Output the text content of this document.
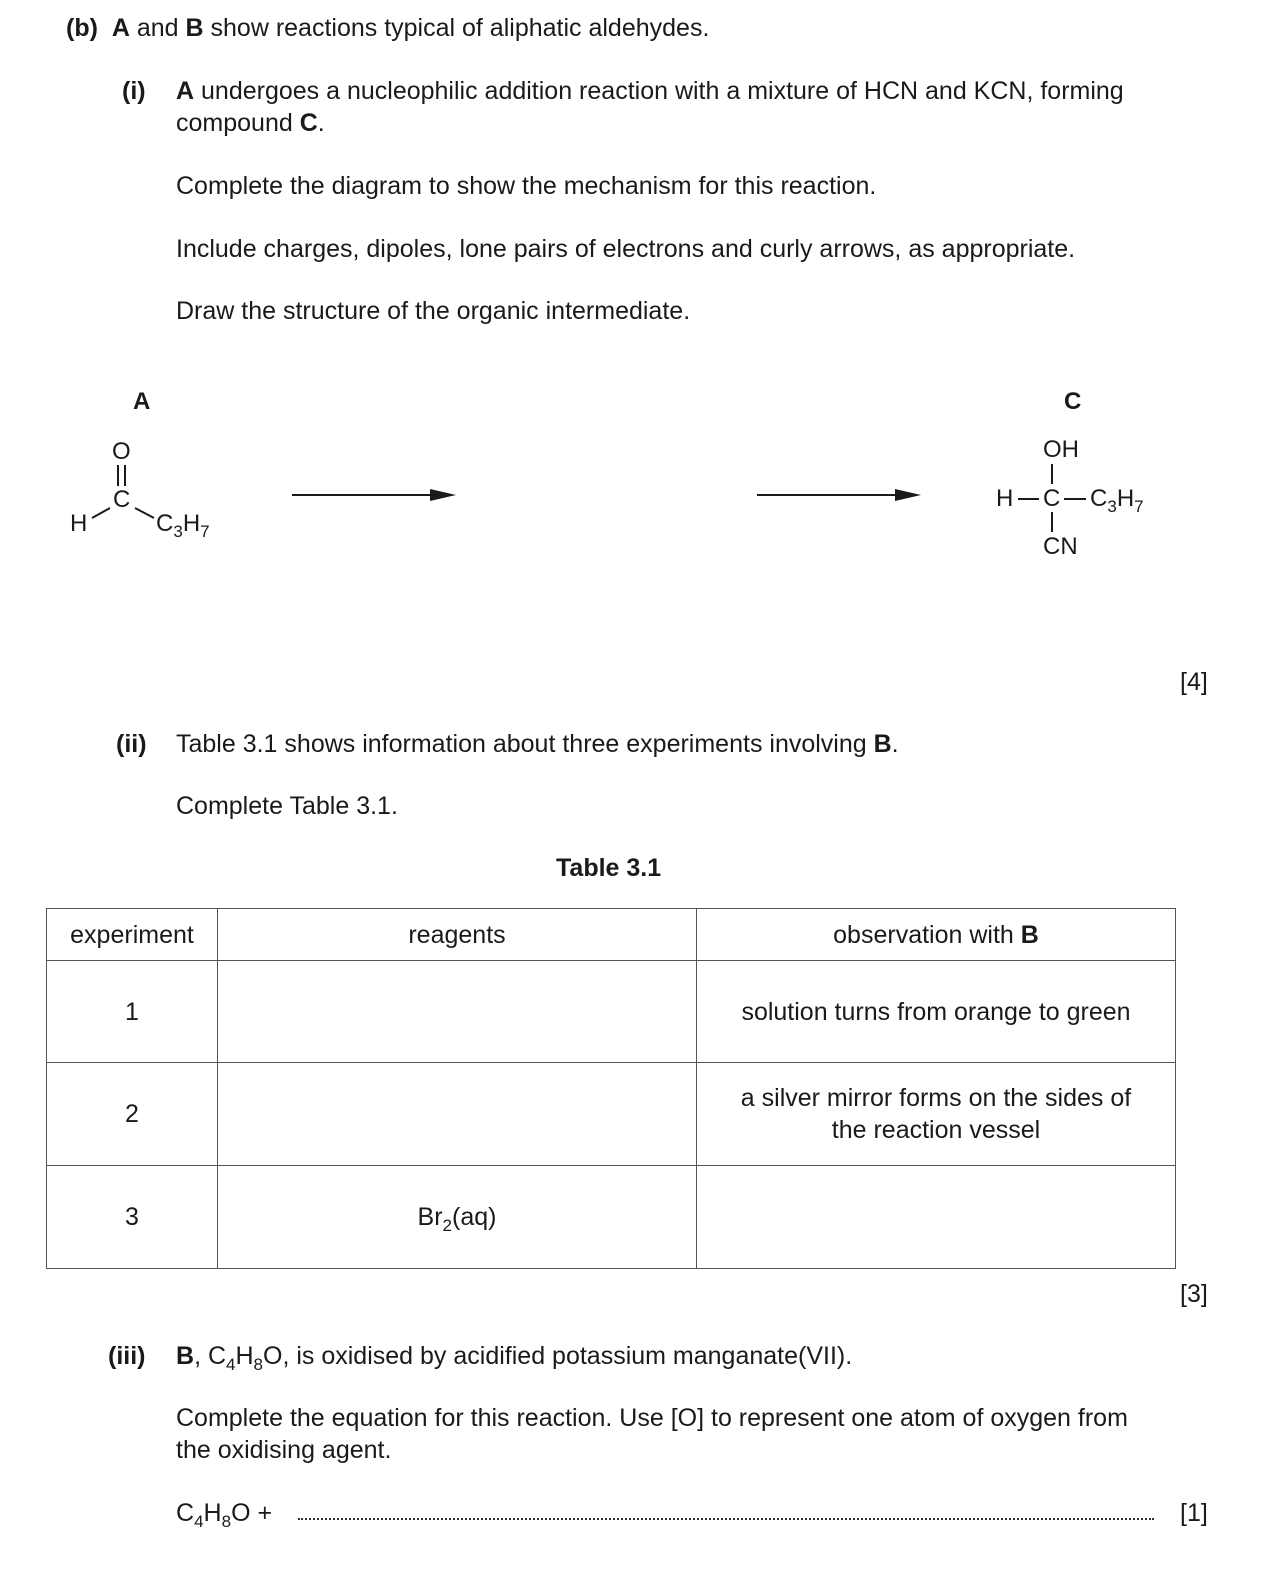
(b) A and B show reactions typical of aliphatic aldehydes.
(i) A undergoes a nucleophilic addition reaction with a mixture of HCN and KCN, forming
compound C.
Complete the diagram to show the mechanism for this reaction.
Include charges, dipoles, lone pairs of electrons and curly arrows, as appropriate.
Draw the structure of the organic intermediate.
A
O
C
H	$C_3H_7$
C
OH
H C $C_3H_7$
CN
[4]
(ii) Table 3.1 shows information about three experiments involving B.
Complete Table 3.1.
Table 3.1
experiment	reagents	observation with B
1		solution turns from orange to green
2		a silver mirror forms on the sides of
the reaction vessel
3	$Br_2(aq)$	
[3]
(iii) B, $C_4H_8O$, is oxidised by acidified potassium manganate(VII).
Complete the equation for this reaction. Use [O] to represent one atom of oxygen from
the oxidising agent.
$C_4H_8O$ +	[1]
